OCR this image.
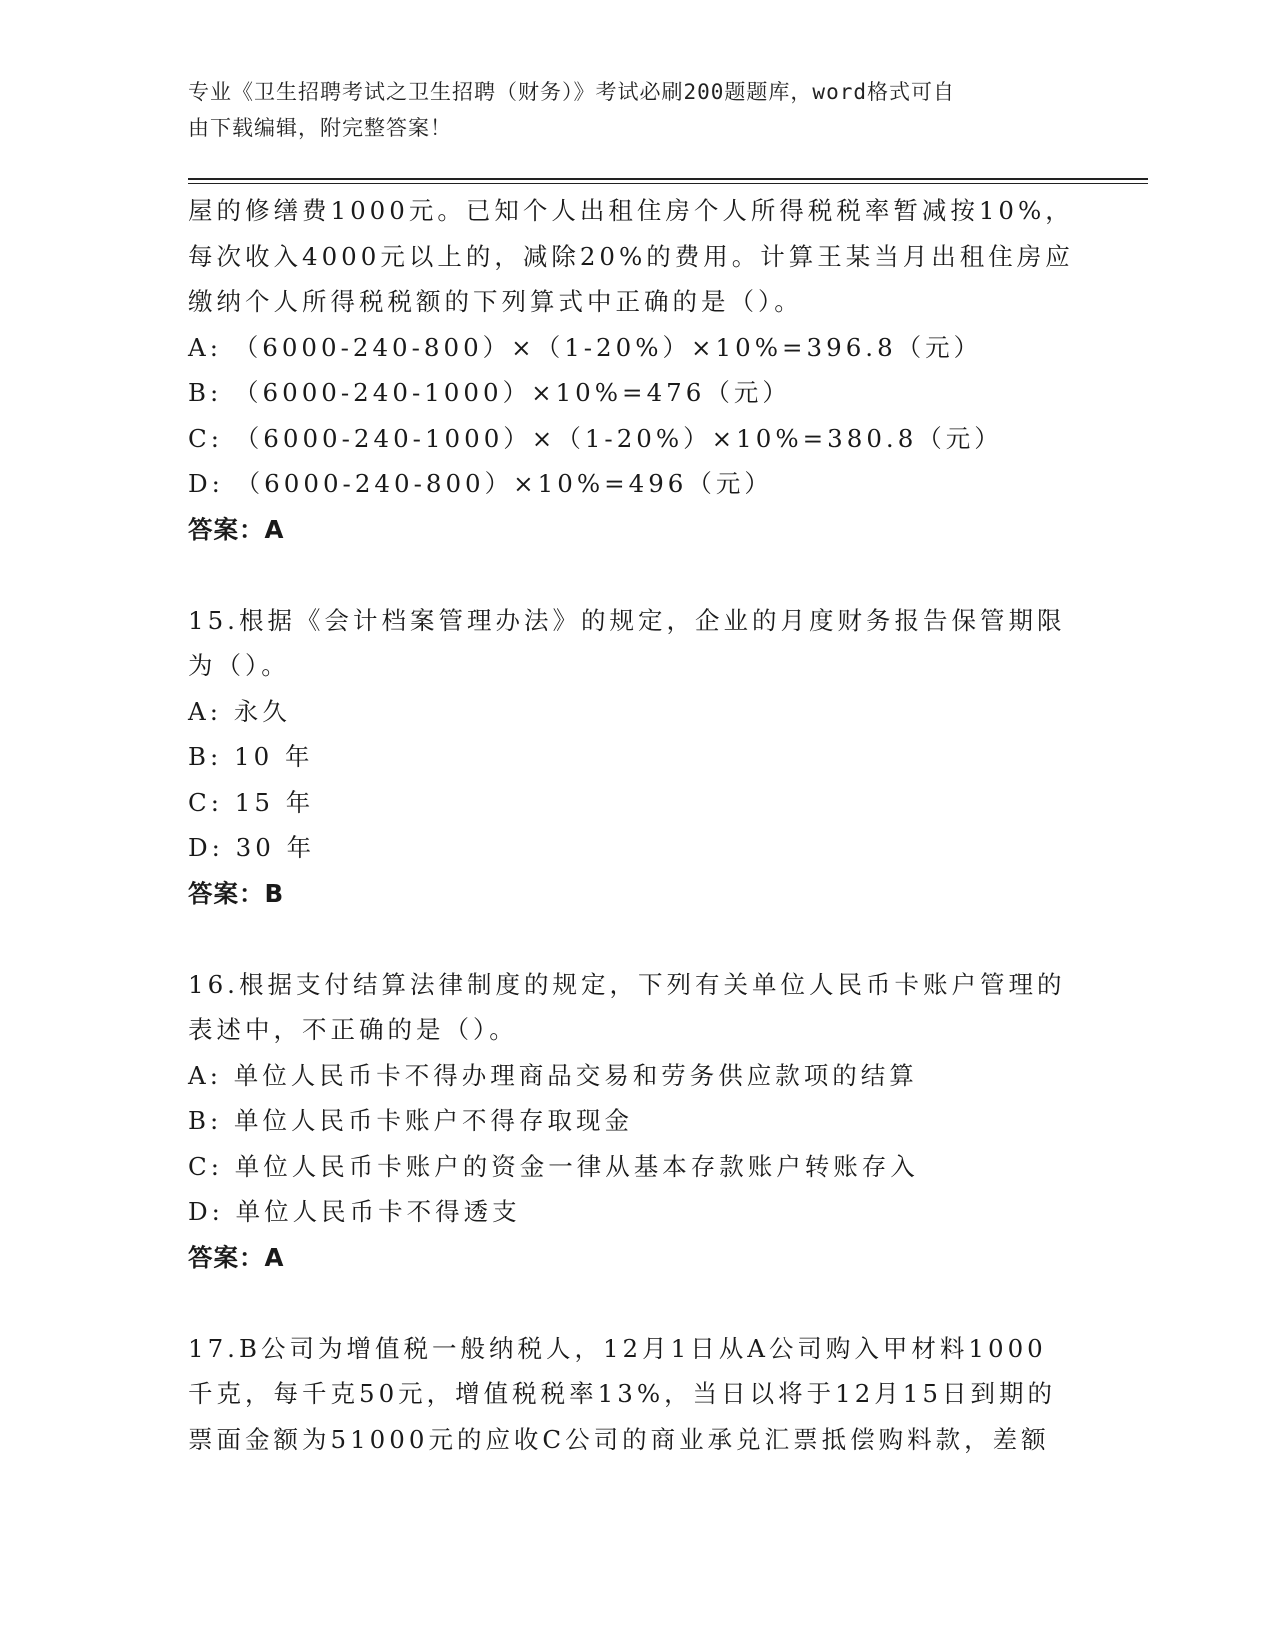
专业《卫生招聘考试之卫生招聘（财务）》考试必刷200题题库，word格式可自
由下载编辑，附完整答案！
屋的修缮费1000元。已知个人出租住房个人所得税税率暂减按10%，
每次收入4000元以上的，减除20%的费用。计算王某当月出租住房应
缴纳个人所得税税额的下列算式中正确的是（）。
A: （6000-240-800）×（1-20%）×10%=396.8（元）
B: （6000-240-1000）×10%=476（元）
C: （6000-240-1000）×（1-20%）×10%=380.8（元）
D: （6000-240-800）×10%=496（元）
答案：A
15.根据《会计档案管理办法》的规定，企业的月度财务报告保管期限
为（）。
A: 永久
B: 10 年
C: 15 年
D: 30 年
答案：B
16.根据支付结算法律制度的规定，下列有关单位人民币卡账户管理的
表述中，不正确的是（）。
A: 单位人民币卡不得办理商品交易和劳务供应款项的结算
B: 单位人民币卡账户不得存取现金
C: 单位人民币卡账户的资金一律从基本存款账户转账存入
D: 单位人民币卡不得透支
答案：A
17.B公司为增值税一般纳税人，12月1日从A公司购入甲材料1000
千克，每千克50元，增值税税率13%，当日以将于12月15日到期的
票面金额为51000元的应收C公司的商业承兑汇票抵偿购料款，差额
